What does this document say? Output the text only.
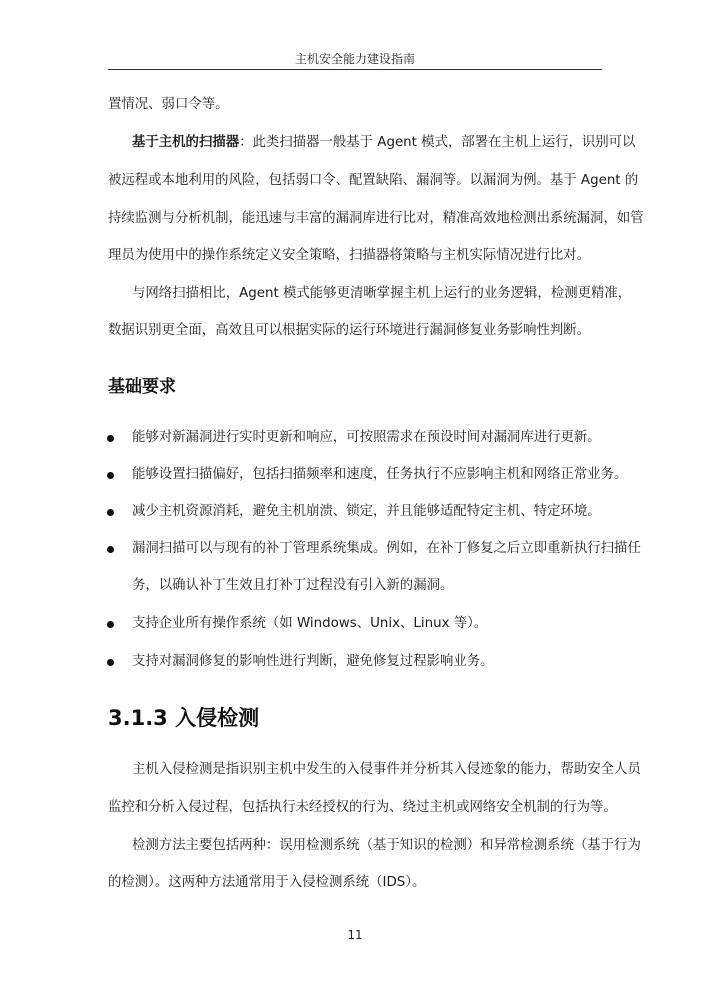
主机安全能力建设指南
置情况、弱口令等。
基于主机的扫描器：此类扫描器一般基于 Agent 模式，部署在主机上运行，识别可以
被远程或本地利用的风险，包括弱口令、配置缺陷、漏洞等。以漏洞为例。基于 Agent 的
持续监测与分析机制，能迅速与丰富的漏洞库进行比对，精准高效地检测出系统漏洞，如管
理员为使用中的操作系统定义安全策略，扫描器将策略与主机实际情况进行比对。
与网络扫描相比，Agent 模式能够更清晰掌握主机上运行的业务逻辑，检测更精准，
数据识别更全面，高效且可以根据实际的运行环境进行漏洞修复业务影响性判断。
基础要求
能够对新漏洞进行实时更新和响应，可按照需求在预设时间对漏洞库进行更新。
能够设置扫描偏好，包括扫描频率和速度，任务执行不应影响主机和网络正常业务。
减少主机资源消耗，避免主机崩溃、锁定，并且能够适配特定主机、特定环境。
漏洞扫描可以与现有的补丁管理系统集成。例如，在补丁修复之后立即重新执行扫描任
务，以确认补丁生效且打补丁过程没有引入新的漏洞。
支持企业所有操作系统（如 Windows、Unix、Linux 等）。
支持对漏洞修复的影响性进行判断，避免修复过程影响业务。
3.1.3 入侵检测
主机入侵检测是指识别主机中发生的入侵事件并分析其入侵迹象的能力，帮助安全人员
监控和分析入侵过程，包括执行未经授权的行为、绕过主机或网络安全机制的行为等。
检测方法主要包括两种：误用检测系统（基于知识的检测）和异常检测系统（基于行为
的检测）。这两种方法通常用于入侵检测系统（IDS）。
11
